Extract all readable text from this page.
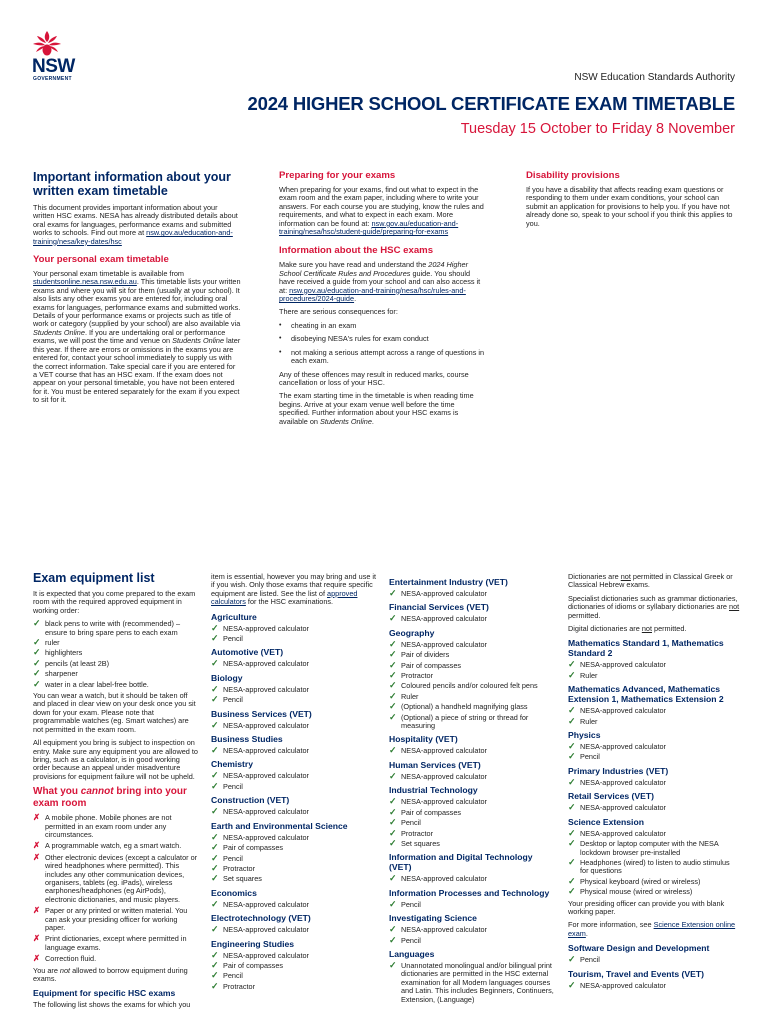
NSW
GOVERNMENT	NSW Education Standards Authority
2024 HIGHER SCHOOL CERTIFICATE EXAM TIMETABLE
Tuesday 15 October to Friday 8 November
Important information about your written exam timetable

This document provides important information about your written HSC exams. NESA has already distributed details about oral exams for languages, performance exams and submitted works to schools. Find out more at nsw.gov.au/education-and-training/nesa/key-dates/hsc

Your personal exam timetable

Your personal exam timetable is available from studentsonline.nesa.nsw.edu.au. This timetable lists your written exams and where you will sit for them (usually at your school). It also lists any other exams you are entered for, including oral exams for languages, performance exams and submitted works. Details of your performance exams or projects such as title of work or category (supplied by your school) are also available via Students Online. If you are undertaking oral or performance exams, we will post the time and venue on Students Online later this year. If there are errors or omissions in the exams you are entered for, contact your school immediately to supply us with the correct information. Take special care if you are entered for a VET course that has an HSC exam. If the exam does not appear on your personal timetable, you have not been entered for it. You must be entered separately for the exam if you expect to sit for it.

Preparing for your exams

When preparing for your exams, find out what to expect in the exam room and the exam paper, including where to write your answers. For each course you are studying, know the rules and requirements, and what to expect in each exam. More information can be found at: nsw.gov.au/education-and-training/nesa/hsc/student-guide/preparing-for-exams

Information about the HSC exams

Make sure you have read and understand the 2024 Higher School Certificate Rules and Procedures guide. You should have received a guide from your school and can also access it at: nsw.gov.au/education-and-training/nesa/hsc/rules-and-procedures/2024-guide.

There are serious consequences for:

• cheating in an exam
• disobeying NESA's rules for exam conduct
• not making a serious attempt across a range of questions in each exam.

Any of these offences may result in reduced marks, course cancellation or loss of your HSC.

The exam starting time in the timetable is when reading time begins. Arrive at your exam venue well before the time specified. Further information about your HSC exams is available on Students Online.

Disability provisions

If you have a disability that affects reading exam questions or responding to them under exam conditions, your school can submit an application for provisions to help you. If you have not already done so, speak to your school if you think this applies to you.

Exam equipment list

It is expected that you come prepared to the exam room with the required approved equipment in working order:

✓ black pens to write with (recommended) – ensure to bring spare pens to each exam
✓ ruler
✓ highlighters
✓ pencils (at least 2B)
✓ sharpener
✓ water in a clear label-free bottle.

You can wear a watch, but it should be taken off and placed in clear view on your desk once you sit down for your exam. Please note that programmable watches (eg. Smart watches) are not permitted in the exam room.

All equipment you bring is subject to inspection on entry. Make sure any equipment you are allowed to bring, such as a calculator, is in good working order because an appeal under misadventure provisions for equipment failure will not be upheld.

What you cannot bring into your exam room
✗ A mobile phone. Mobile phones are not permitted in an exam room under any circumstances.
✗ A programmable watch, eg a smart watch.
✗ Other electronic devices (except a calculator or wired headphones where permitted). This includes any other communication devices, organisers, tablets (eg. iPads), wireless earphones/headphones (eg AirPods), electronic dictionaries, and music players.
✗ Paper or any printed or written material. You can ask your presiding officer for working paper.
✗ Print dictionaries, except where permitted in language exams.
✗ Correction fluid.

You are not allowed to borrow equipment during exams.

Equipment for specific HSC exams

The following list shows the exams for which you

item is essential, however you may bring and use it if you wish. Only those exams that require specific equipment are listed. See the list of approved calculators for the HSC examinations.

Agriculture
✓ NESA-approved calculator
✓ Pencil
Automotive (VET)
✓ NESA-approved calculator
Biology
✓ NESA-approved calculator
✓ Pencil
Business Services (VET)
✓ NESA-approved calculator
Business Studies
✓ NESA-approved calculator
Chemistry
✓ NESA-approved calculator
✓ Pencil
Construction (VET)
✓ NESA-approved calculator
Earth and Environmental Science
✓ NESA-approved calculator
✓ Pair of compasses
✓ Pencil
✓ Protractor
✓ Set squares
Economics
✓ NESA-approved calculator
Electrotechnology (VET)
✓ NESA-approved calculator
Engineering Studies
✓ NESA-approved calculator
✓ Pair of compasses
✓ Pencil
✓ Protractor
Entertainment Industry (VET)
✓ NESA-approved calculator
Financial Services (VET)
✓ NESA-approved calculator
Geography
✓ NESA-approved calculator
✓ Pair of dividers
✓ Pair of compasses
✓ Protractor
✓ Coloured pencils and/or coloured felt pens
✓ Ruler
✓ (Optional) a handheld magnifying glass
✓ (Optional) a piece of string or thread for measuring
Hospitality (VET)
✓ NESA-approved calculator
Human Services (VET)
✓ NESA-approved calculator
Industrial Technology
✓ NESA-approved calculator
✓ Pair of compasses
✓ Pencil
✓ Protractor
✓ Set squares
Information and Digital Technology (VET)
✓ NESA-approved calculator
Information Processes and Technology
✓ Pencil
Investigating Science
✓ NESA-approved calculator
✓ Pencil
Languages
✓ Unannotated monolingual and/or bilingual print dictionaries are permitted in the HSC external examination for all Modern languages courses and Latin. This includes Beginners, Continuers, Extension, (Language)

Dictionaries are not permitted in Classical Greek or Classical Hebrew exams.

Specialist dictionaries such as grammar dictionaries, dictionaries of idioms or syllabary dictionaries are not permitted.

Digital dictionaries are not permitted.

Mathematics Standard 1, Mathematics Standard 2
✓ NESA-approved calculator
✓ Ruler
Mathematics Advanced, Mathematics Extension 1, Mathematics Extension 2
✓ NESA-approved calculator
✓ Ruler
Physics
✓ NESA-approved calculator
✓ Pencil
Primary Industries (VET)
✓ NESA-approved calculator
Retail Services (VET)
✓ NESA-approved calculator
Science Extension
✓ NESA-approved calculator
✓ Desktop or laptop computer with the NESA lockdown browser pre-installed
✓ Headphones (wired) to listen to audio stimulus for questions
✓ Physical keyboard (wired or wireless)
✓ Physical mouse (wired or wireless)

Your presiding officer can provide you with blank working paper.

For more information, see Science Extension online exam.

Software Design and Development
✓ Pencil
Tourism, Travel and Events (VET)
✓ NESA-approved calculator
